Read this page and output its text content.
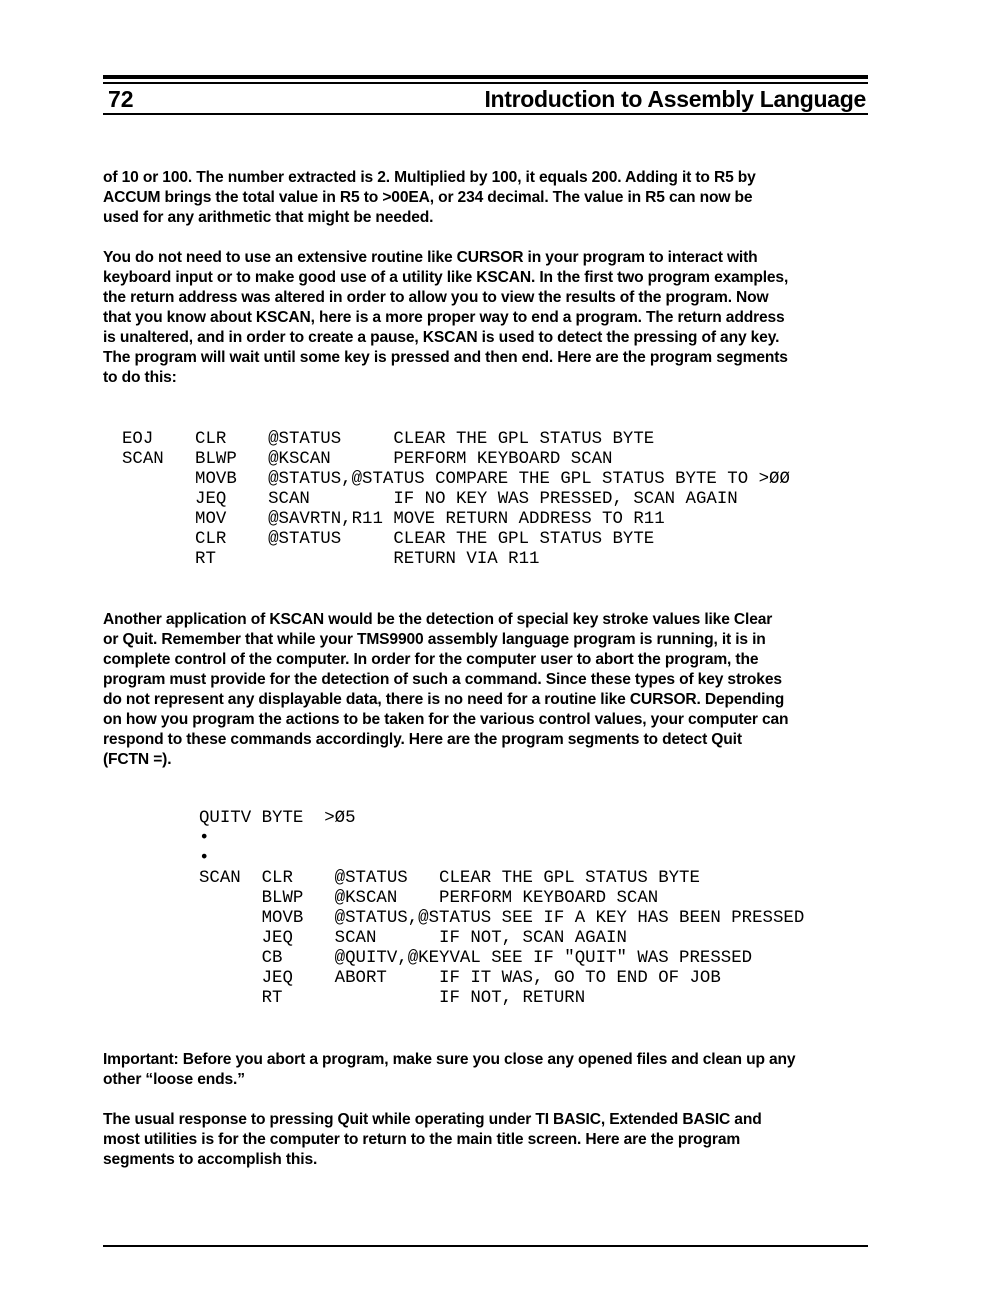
72	Introduction to Assembly Language

of 10 or 100. The number extracted is 2. Multiplied by 100, it equals 200. Adding it to R5 by
ACCUM brings the total value in R5 to >00EA, or 234 decimal. The value in R5 can now be
used for any arithmetic that might be needed.

You do not need to use an extensive routine like CURSOR in your program to interact with
keyboard input or to make good use of a utility like KSCAN. In the first two program examples,
the return address was altered in order to allow you to view the results of the program. Now
that you know about KSCAN, here is a more proper way to end a program. The return address
is unaltered, and in order to create a pause, KSCAN is used to detect the pressing of any key.
The program will wait until some key is pressed and then end. Here are the program segments
to do this:

EOJ    CLR    @STATUS     CLEAR THE GPL STATUS BYTE
SCAN   BLWP   @KSCAN      PERFORM KEYBOARD SCAN
MOVB   @STATUS,@STATUS COMPARE THE GPL STATUS BYTE TO >ØØ
JEQ    SCAN        IF NO KEY WAS PRESSED, SCAN AGAIN
MOV    @SAVRTN,R11 MOVE RETURN ADDRESS TO R11
CLR    @STATUS     CLEAR THE GPL STATUS BYTE
RT                 RETURN VIA R11

Another application of KSCAN would be the detection of special key stroke values like Clear
or Quit. Remember that while your TMS9900 assembly language program is running, it is in
complete control of the computer. In order for the computer user to abort the program, the
program must provide for the detection of such a command. Since these types of key strokes
do not represent any displayable data, there is no need for a routine like CURSOR. Depending
on how you program the actions to be taken for the various control values, your computer can
respond to these commands accordingly. Here are the program segments to detect Quit
(FCTN =).

QUITV BYTE  >Ø5
•
•
SCAN  CLR    @STATUS   CLEAR THE GPL STATUS BYTE
BLWP   @KSCAN    PERFORM KEYBOARD SCAN
MOVB   @STATUS,@STATUS SEE IF A KEY HAS BEEN PRESSED
JEQ    SCAN      IF NOT, SCAN AGAIN
CB     @QUITV,@KEYVAL SEE IF "QUIT" WAS PRESSED
JEQ    ABORT     IF IT WAS, GO TO END OF JOB
RT               IF NOT, RETURN

Important: Before you abort a program, make sure you close any opened files and clean up any
other “loose ends.”

The usual response to pressing Quit while operating under TI BASIC, Extended BASIC and
most utilities is for the computer to return to the main title screen. Here are the program
segments to accomplish this.
